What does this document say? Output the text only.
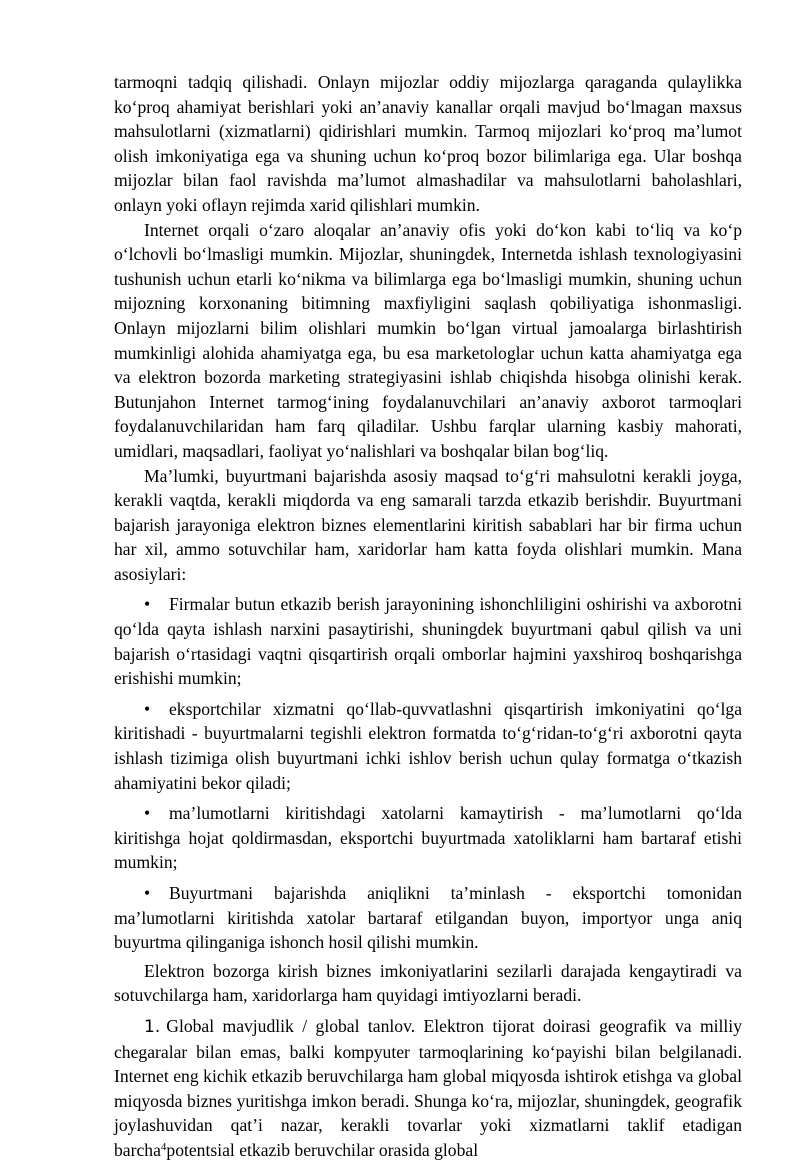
tarmoqni tadqiq qilishadi. Onlayn mijozlar oddiy mijozlarga qaraganda qulaylikka koʻproq ahamiyat berishlari yoki anʼanaviy kanallar orqali mavjud boʻlmagan maxsus mahsulotlarni (xizmatlarni) qidirishlari mumkin. Tarmoq mijozlari koʻproq maʼlumot olish imkoniyatiga ega va shuning uchun koʻproq bozor bilimlariga ega. Ular boshqa mijozlar bilan faol ravishda maʼlumot almashadilar va mahsulotlarni baholashlari, onlayn yoki oflayn rejimda xarid qilishlari mumkin.

Internet orqali oʻzaro aloqalar anʼanaviy ofis yoki doʻkon kabi toʻliq va koʻp oʻlchovli boʻlmasligi mumkin. Mijozlar, shuningdek, Internetda ishlash texnologiyasini tushunish uchun etarli koʻnikma va bilimlarga ega boʻlmasligi mumkin, shuning uchun mijozning korxonaning bitimning maxfiyligini saqlash qobiliyatiga ishonmasligi. Onlayn mijozlarni bilim olishlari mumkin boʻlgan virtual jamoalarga birlashtirish mumkinligi alohida ahamiyatga ega, bu esa marketologlar uchun katta ahamiyatga ega va elektron bozorda marketing strategiyasini ishlab chiqishda hisobga olinishi kerak. Butunjahon Internet tarmogʻining foydalanuvchilari anʼanaviy axborot tarmoqlari foydalanuvchilaridan ham farq qiladilar. Ushbu farqlar ularning kasbiy mahorati, umidlari, maqsadlari, faoliyat yoʻnalishlari va boshqalar bilan bogʻliq.

Maʼlumki, buyurtmani bajarishda asosiy maqsad toʻgʻri mahsulotni kerakli joyga, kerakli vaqtda, kerakli miqdorda va eng samarali tarzda etkazib berishdir. Buyurtmani bajarish jarayoniga elektron biznes elementlarini kiritish sabablari har bir firma uchun har xil, ammo sotuvchilar ham, xaridorlar ham katta foyda olishlari mumkin. Mana asosiylari:

• Firmalar butun etkazib berish jarayonining ishonchliligini oshirishi va axborotni qoʻlda qayta ishlash narxini pasaytirishi, shuningdek buyurtmani qabul qilish va uni bajarish oʻrtasidagi vaqtni qisqartirish orqali omborlar hajmini yaxshiroq boshqarishga erishishi mumkin;

• eksportchilar xizmatni qoʻllab-quvvatlashni qisqartirish imkoniyatini qoʻlga kiritishadi - buyurtmalarni tegishli elektron formatda toʻgʻridan-toʻgʻri axborotni qayta ishlash tizimiga olish buyurtmani ichki ishlov berish uchun qulay formatga oʻtkazish ahamiyatini bekor qiladi;

• maʼlumotlarni kiritishdagi xatolarni kamaytirish - maʼlumotlarni qoʻlda kiritishga hojat qoldirmasdan, eksportchi buyurtmada xatoliklarni ham bartaraf etishi mumkin;

• Buyurtmani bajarishda aniqlikni taʼminlash - eksportchi tomonidan maʼlumotlarni kiritishda xatolar bartaraf etilgandan buyon, importyor unga aniq buyurtma qilinganiga ishonch hosil qilishi mumkin.

Elektron bozorga kirish biznes imkoniyatlarini sezilarli darajada kengaytiradi va sotuvchilarga ham, xaridorlarga ham quyidagi imtiyozlarni beradi.

1. Global mavjudlik / global tanlov. Elektron tijorat doirasi geografik va milliy chegaralar bilan emas, balki kompyuter tarmoqlarining koʻpayishi bilan belgilanadi. Internet eng kichik etkazib beruvchilarga ham global miqyosda ishtirok etishga va global miqyosda biznes yuritishga imkon beradi. Shunga koʻra, mijozlar, shuningdek, geografik joylashuvidan qatʼi nazar, kerakli tovarlar yoki xizmatlarni taklif etadigan barcha$^4$potentsial etkazib beruvchilar orasida global
